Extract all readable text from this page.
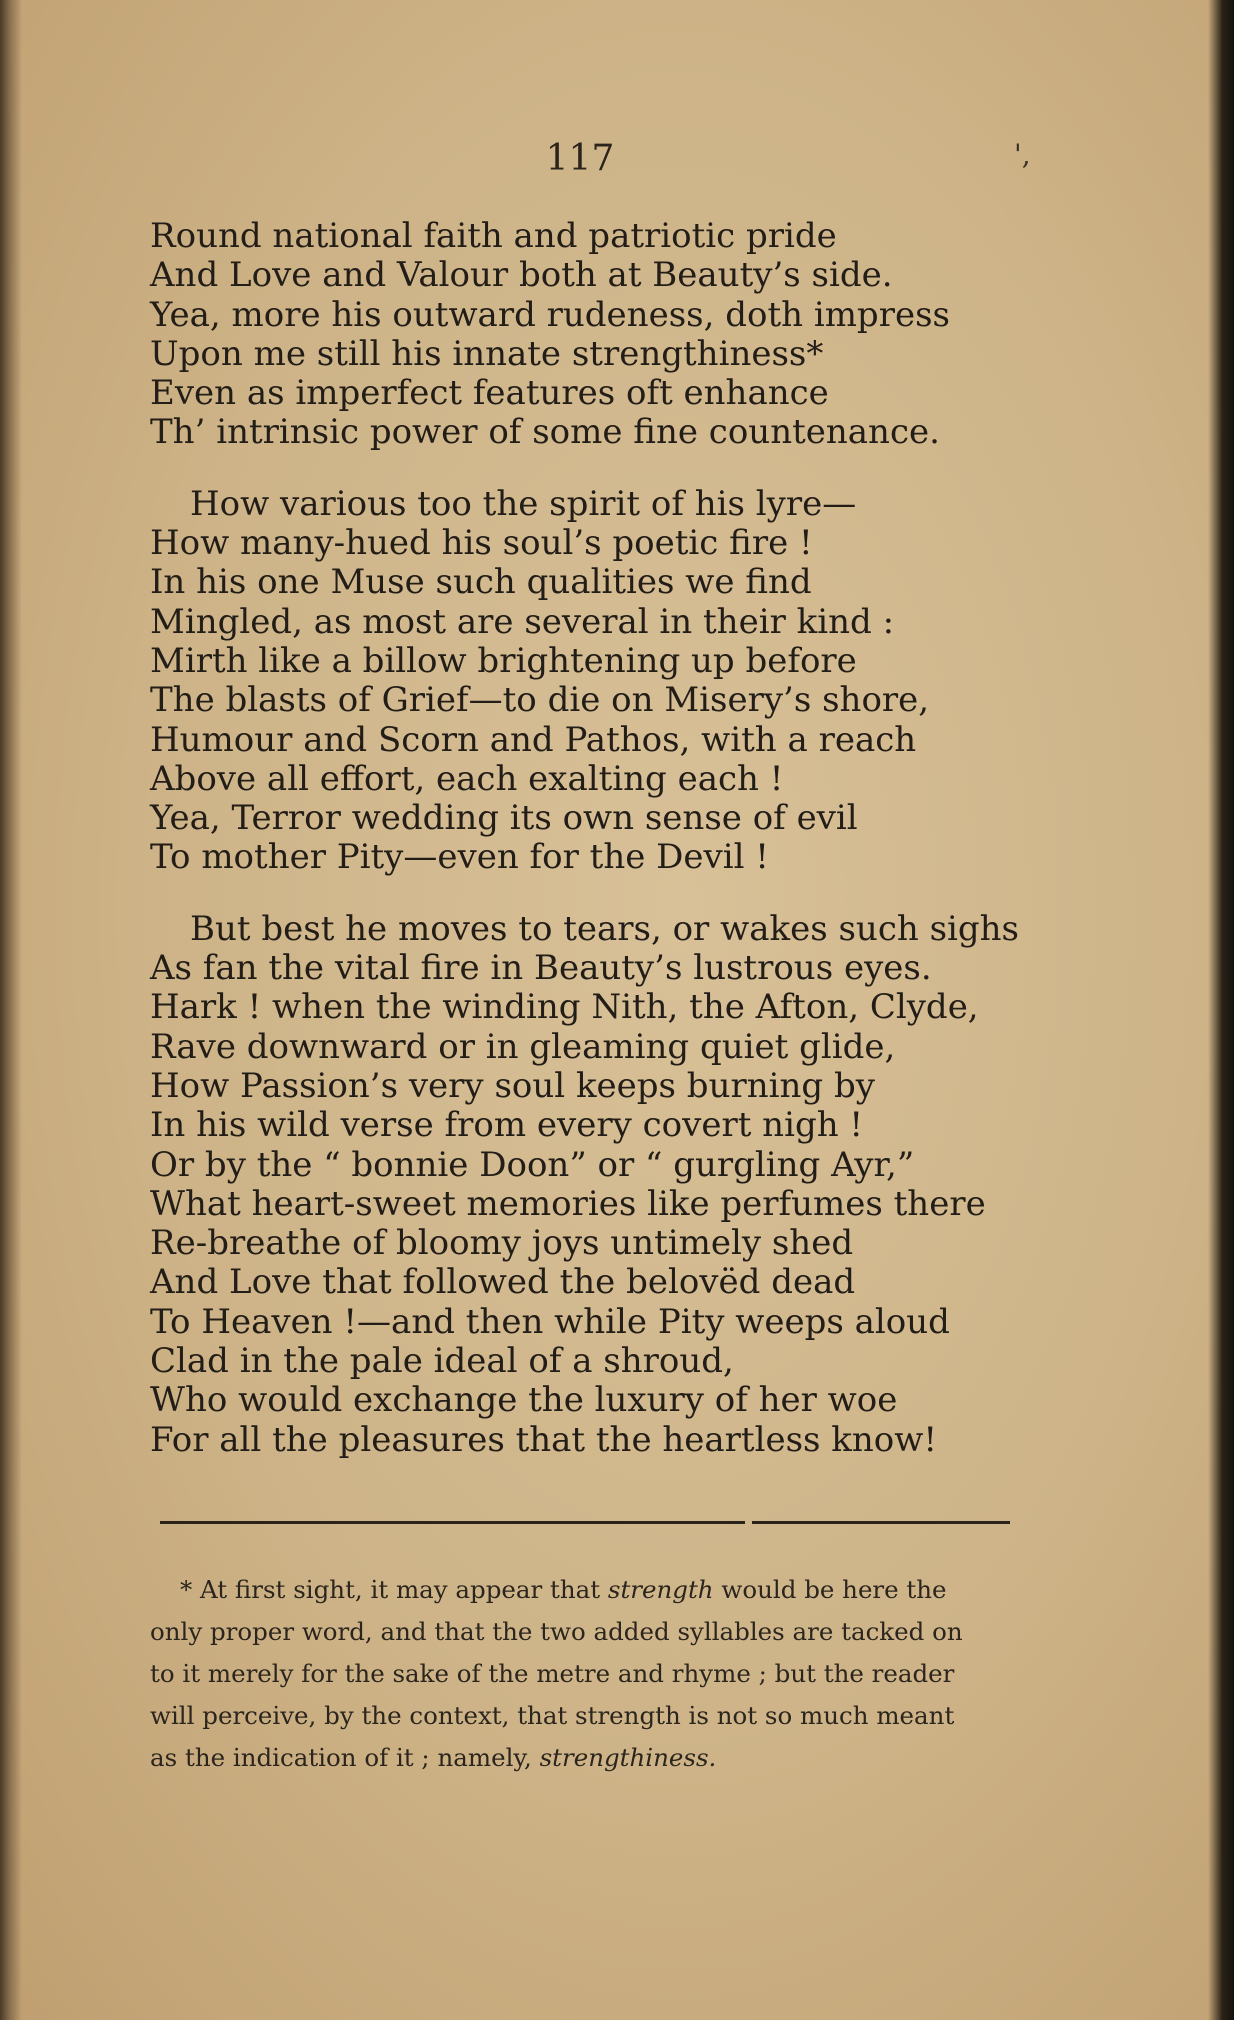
117	',
Round national faith and patriotic pride
And Love and Valour both at Beauty’s side.
Yea, more his outward rudeness, doth impress
Upon me still his innate strengthiness*
Even as imperfect features oft enhance
Th’ intrinsic power of some fine countenance.
How various too the spirit of his lyre—
How many-hued his soul’s poetic fire !
In his one Muse such qualities we find
Mingled, as most are several in their kind :
Mirth like a billow brightening up before
The blasts of Grief—to die on Misery’s shore,
Humour and Scorn and Pathos, with a reach
Above all effort, each exalting each !
Yea, Terror wedding its own sense of evil
To mother Pity—even for the Devil !
But best he moves to tears, or wakes such sighs
As fan the vital fire in Beauty’s lustrous eyes.
Hark ! when the winding Nith, the Afton, Clyde,
Rave downward or in gleaming quiet glide,
How Passion’s very soul keeps burning by
In his wild verse from every covert nigh !
Or by the “ bonnie Doon” or “ gurgling Ayr,”
What heart-sweet memories like perfumes there
Re-breathe of bloomy joys untimely shed
And Love that followed the belovëd dead
To Heaven !—and then while Pity weeps aloud
Clad in the pale ideal of a shroud,
Who would exchange the luxury of her woe
For all the pleasures that the heartless know!
* At first sight, it may appear that strength would be here the
only proper word, and that the two added syllables are tacked on
to it merely for the sake of the metre and rhyme ; but the reader
will perceive, by the context, that strength is not so much meant
as the indication of it ; namely, strengthiness.
